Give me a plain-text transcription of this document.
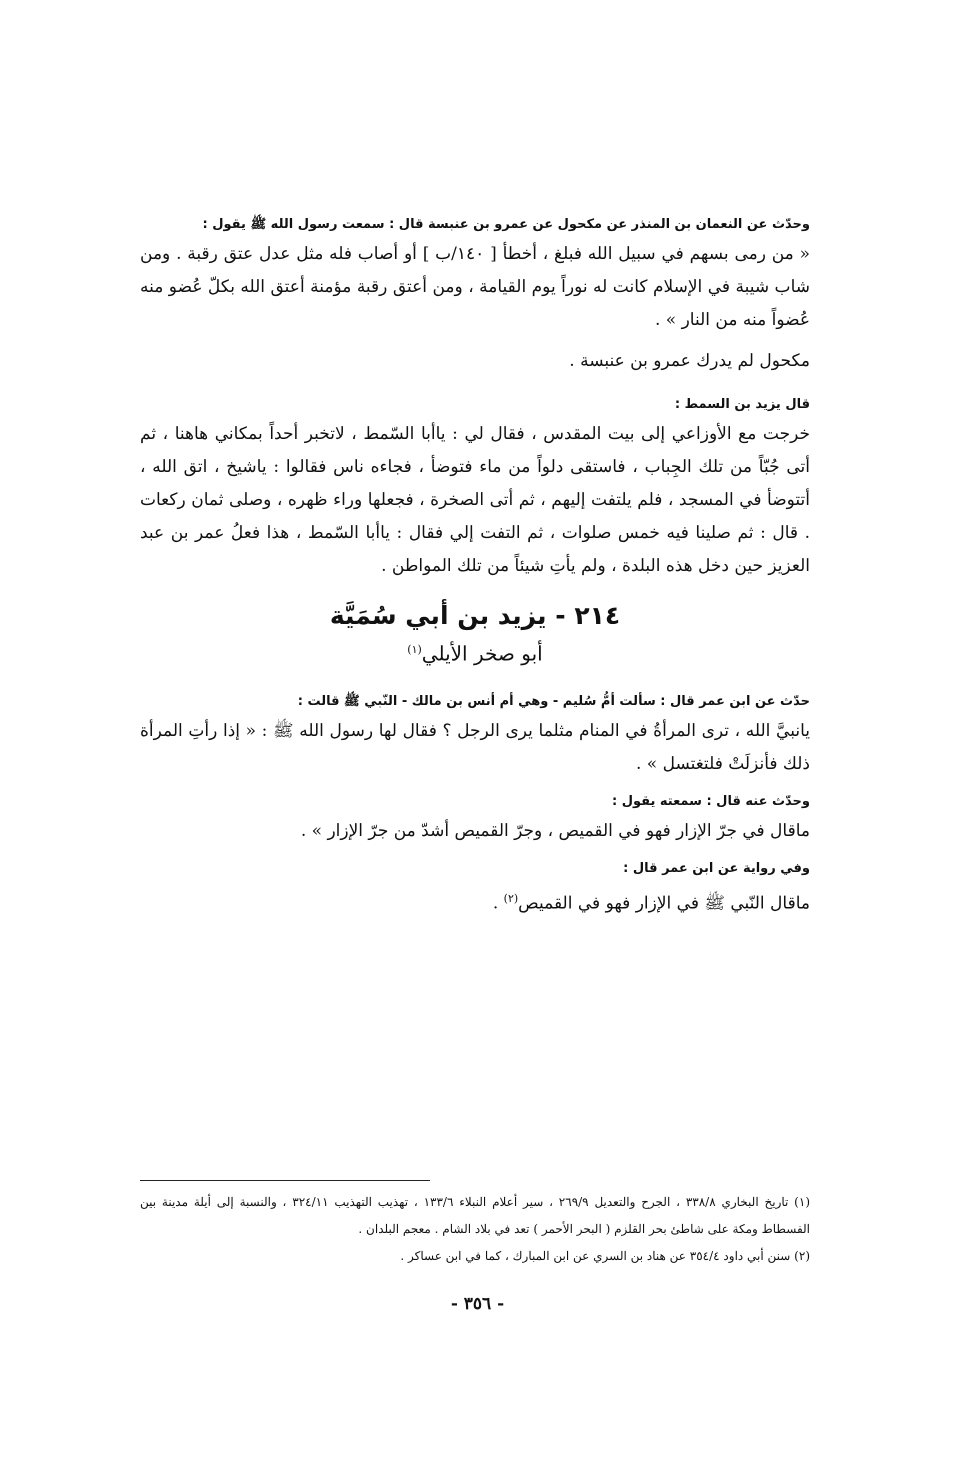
وحدّث عن النعمان بن المنذر عن مكحول عن عمرو بن عنبسة قال : سمعت رسول الله ﷺ يقول :

« من رمى بسهم في سبيل الله فبلغ ، أخطأ [ ١٤٠/ب ] أو أصاب فله مثل عدل عتق رقبة . ومن شاب شيبة في الإسلام كانت له نوراً يوم القيامة ، ومن أعتق رقبة مؤمنة أعتق الله بكلّ عُضو منه عُضواً منه من النار » .

مكحول لم يدرك عمرو بن عنبسة .

قال يزيد بن السمط :

خرجت مع الأوزاعي إلى بيت المقدس ، فقال لي : ياأبا السّمط ، لاتخبر أحداً بمكاني هاهنا ، ثم أتى جُبّاً من تلك الجِباب ، فاستقى دلواً من ماء فتوضأ ، فجاءه ناس فقالوا : ياشيخ ، اتق الله ، أتتوضأ في المسجد ، فلم يلتفت إليهم ، ثم أتى الصخرة ، فجعلها وراء ظهره ، وصلى ثمان ركعات . قال : ثم صلينا فيه خمس صلوات ، ثم التفت إلي فقال : ياأبا السّمط ، هذا فعلُ عمر بن عبد العزيز حين دخل هذه البلدة ، ولم يأتِ شيئاً من تلك المواطن .

٢١٤ - يزيد بن أبي سُمَيَّة

أبو صخر الأيلي$^{(١)}$

حدّث عن ابن عمر قال : سألت أمُّ سُليم - وهي أم أنس بن مالك - النّبي ﷺ قالت :

يانبيَّ الله ، ترى المرأةُ في المنام مثلما يرى الرجل ؟ فقال لها رسول الله ﷺ : « إذا رأتِ المرأة ذلك فأنزلَتْ فلتغتسل » .

وحدّث عنه قال : سمعته يقول :

ماقال في جرّ الإزار فهو في القميص ، وجرّ القميص أشدّ من جرّ الإزار » .

وفي رواية عن ابن عمر قال :

ماقال النّبي ﷺ في الإزار فهو في القميص$^{(٢)}$ .

(١) تاريخ البخاري ٣٣٨/٨ ، الجرح والتعديل ٢٦٩/٩ ، سير أعلام النبلاء ١٣٣/٦ ، تهذيب التهذيب ٣٢٤/١١ ، والنسبة إلى أيلة مدينة بين الفسطاط ومكة على شاطئ بحر القلزم ( البحر الأحمر ) تعد في بلاد الشام . معجم البلدان .

(٢) سنن أبي داود ٣٥٤/٤ عن هناد بن السري عن ابن المبارك ، كما في ابن عساكر .

- ٣٥٦ -
